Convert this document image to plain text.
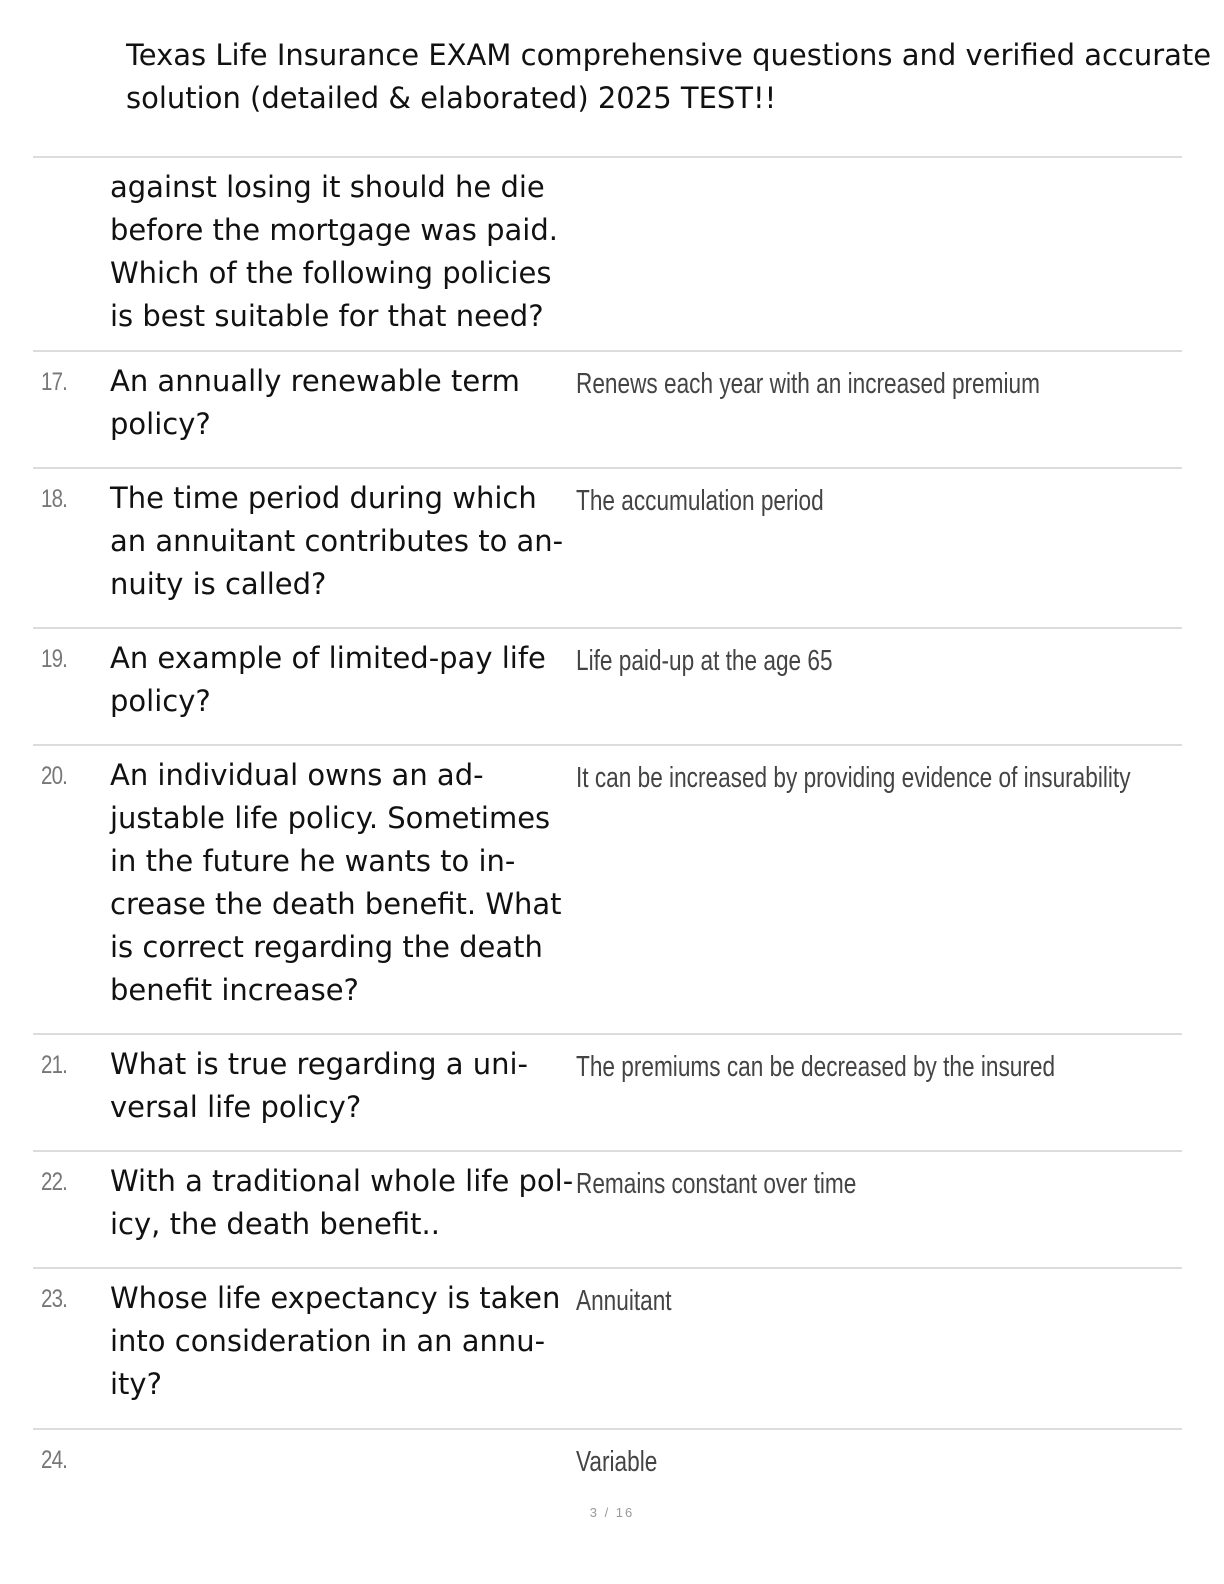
Texas Life Insurance EXAM comprehensive questions and verified accurate
solution (detailed & elaborated) 2025 TEST!!
against losing it should he die
before the mortgage was paid.
Which of the following policies
is best suitable for that need?
17. An annually renewable term
policy?
Renews each year with an increased premium
18. The time period during which
an annuitant contributes to an-
nuity is called?
The accumulation period
19. An example of limited-pay life
policy?
Life paid-up at the age 65
20. An individual owns an ad-
justable life policy. Sometimes
in the future he wants to in-
crease the death benefit. What
is correct regarding the death
benefit increase?
It can be increased by providing evidence of insurability
21. What is true regarding a uni-
versal life policy?
The premiums can be decreased by the insured
22. With a traditional whole life pol-
icy, the death benefit..
Remains constant over time
23. Whose life expectancy is taken
into consideration in an annu-
ity?
Annuitant
24.	Variable
3 / 16
